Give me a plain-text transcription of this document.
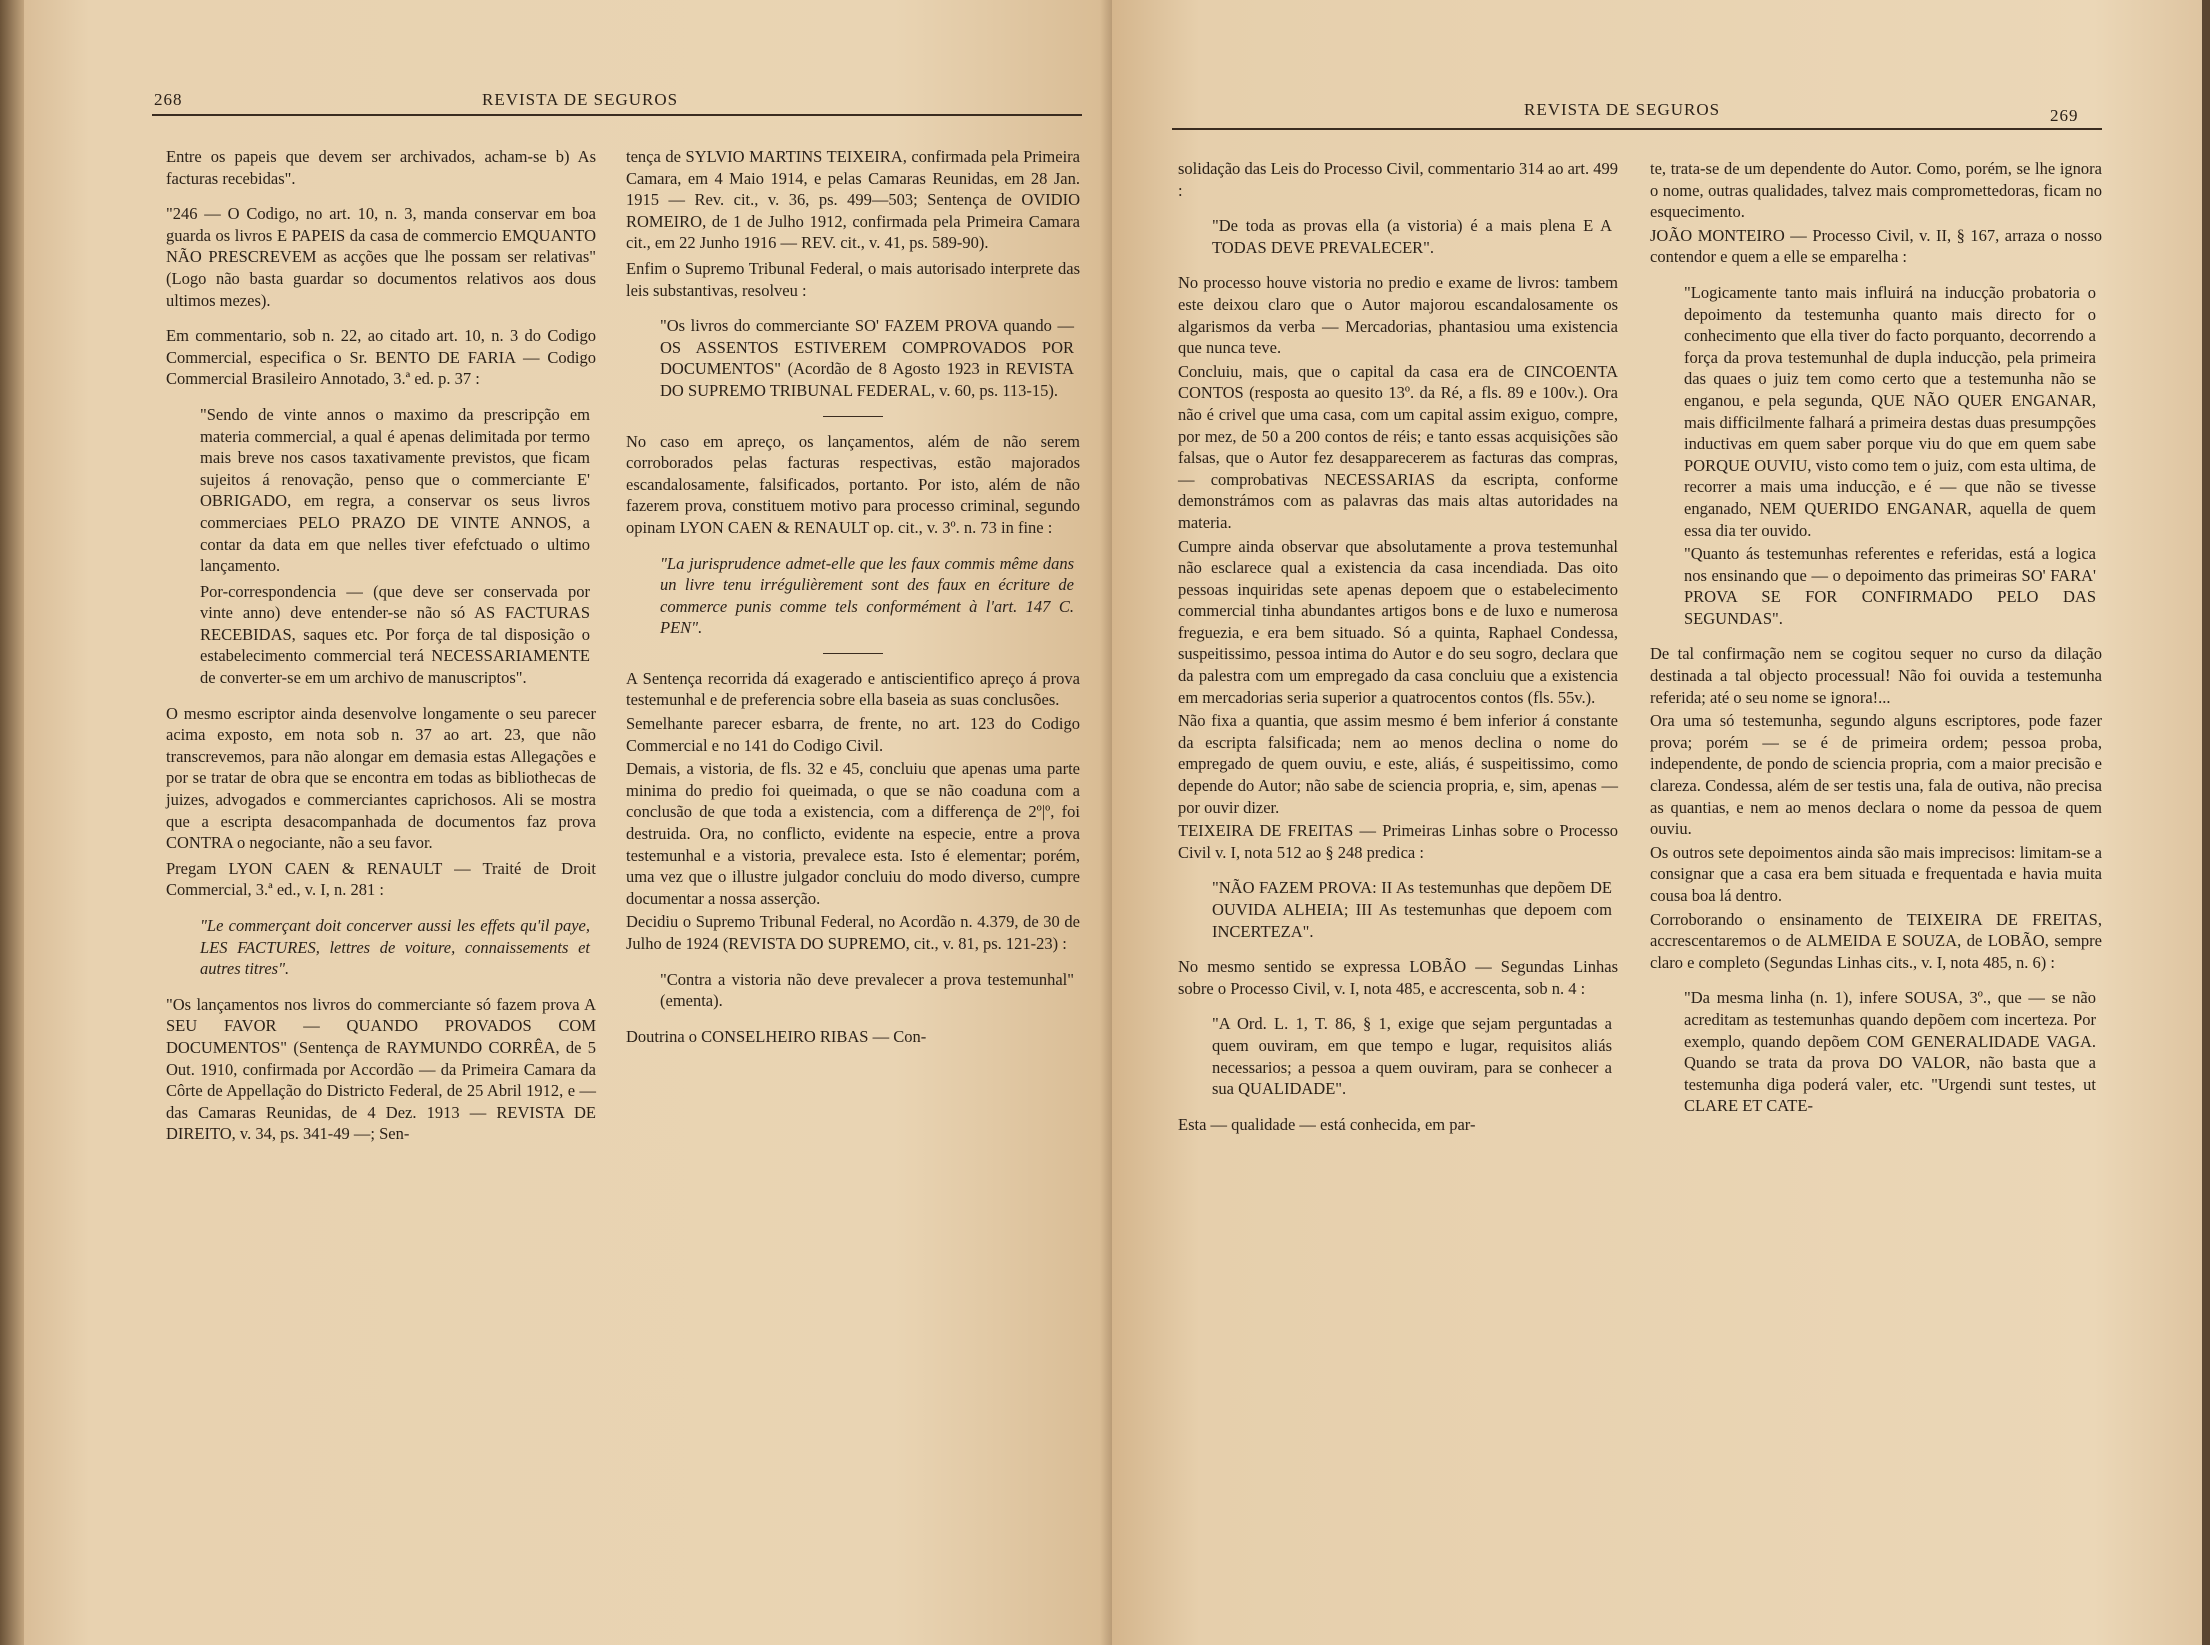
268	REVISTA DE SEGUROS

Entre os papeis que devem ser archivados, acham-se b) As facturas recebidas".

"246 — O Codigo, no art. 10, n. 3, manda conservar em boa guarda os livros E PAPEIS da casa de commercio EMQUANTO NÃO PRESCREVEM as acções que lhe possam ser relativas" (Logo não basta guardar so documentos relativos aos dous ultimos mezes).

Em commentario, sob n. 22, ao citado art. 10, n. 3 do Codigo Commercial, especifica o Sr. BENTO DE FARIA — Codigo Commercial Brasileiro Annotado, 3.ª ed. p. 37 :

"Sendo de vinte annos o maximo da prescripção em materia commercial, a qual é apenas delimitada por termo mais breve nos casos taxativamente previstos, que ficam sujeitos á renovação, penso que o commerciante E' OBRIGADO, em regra, a conservar os seus livros commerciaes PELO PRAZO DE VINTE ANNOS, a contar da data em que nelles tiver efefctuado o ultimo lançamento.

Por-correspondencia — (que deve ser conservada por vinte anno) deve entender-se não só AS FACTURAS RECEBIDAS, saques etc. Por força de tal disposição o estabelecimento commercial terá NECESSARIAMENTE de converter-se em um archivo de manuscriptos".

O mesmo escriptor ainda desenvolve longamente o seu parecer acima exposto, em nota sob n. 37 ao art. 23, que não transcrevemos, para não alongar em demasia estas Allegações e por se tratar de obra que se encontra em todas as bibliothecas de juizes, advogados e commerciantes caprichosos. Ali se mostra que a escripta desacompanhada de documentos faz prova CONTRA o negociante, não a seu favor.

Pregam LYON CAEN & RENAULT — Traité de Droit Commercial, 3.ª ed., v. I, n. 281 :

"Le commerçant doit concerver aussi les effets qu'il paye, LES FACTURES, lettres de voiture, connaissements et autres titres".

"Os lançamentos nos livros do commerciante só fazem prova A SEU FAVOR — QUANDO PROVADOS COM DOCUMENTOS" (Sentença de RAYMUNDO CORRÊA, de 5 Out. 1910, confirmada por Accordão — da Primeira Camara da Côrte de Appellação do Districto Federal, de 25 Abril 1912, e — das Camaras Reunidas, de 4 Dez. 1913 — REVISTA DE DIREITO, v. 34, ps. 341-49 —; Sen-

tença de SYLVIO MARTINS TEIXEIRA, confirmada pela Primeira Camara, em 4 Maio 1914, e pelas Camaras Reunidas, em 28 Jan. 1915 — Rev. cit., v. 36, ps. 499—503; Sentença de OVIDIO ROMEIRO, de 1 de Julho 1912, confirmada pela Primeira Camara cit., em 22 Junho 1916 — REV. cit., v. 41, ps. 589-90).

Enfim o Supremo Tribunal Federal, o mais autorisado interprete das leis substantivas, resolveu :

"Os livros do commerciante SO' FAZEM PROVA quando — OS ASSENTOS ESTIVEREM COMPROVADOS POR DOCUMENTOS" (Acordão de 8 Agosto 1923 in REVISTA DO SUPREMO TRIBUNAL FEDERAL, v. 60, ps. 113-15).

No caso em apreço, os lançamentos, além de não serem corroborados pelas facturas respectivas, estão majorados escandalosamente, falsificados, portanto. Por isto, além de não fazerem prova, constituem motivo para processo criminal, segundo opinam LYON CAEN & RENAULT op. cit., v. 3º. n. 73 in fine :

"La jurisprudence admet-elle que les faux commis même dans un livre tenu irrégulièrement sont des faux en écriture de commerce punis comme tels conformément à l'art. 147 C. PEN".

A Sentença recorrida dá exagerado e antiscientifico apreço á prova testemunhal e de preferencia sobre ella baseia as suas conclusões.

Semelhante parecer esbarra, de frente, no art. 123 do Codigo Commercial e no 141 do Codigo Civil.

Demais, a vistoria, de fls. 32 e 45, concluiu que apenas uma parte minima do predio foi queimada, o que se não coaduna com a conclusão de que toda a existencia, com a differença de 2º|º, foi destruida. Ora, no conflicto, evidente na especie, entre a prova testemunhal e a vistoria, prevalece esta. Isto é elementar; porém, uma vez que o illustre julgador concluiu do modo diverso, cumpre documentar a nossa asserção.

Decidiu o Supremo Tribunal Federal, no Acordão n. 4.379, de 30 de Julho de 1924 (REVISTA DO SUPREMO, cit., v. 81, ps. 121-23) :

"Contra a vistoria não deve prevalecer a prova testemunhal" (ementa).

Doutrina o CONSELHEIRO RIBAS — Con-

REVISTA DE SEGUROS	269

solidação das Leis do Processo Civil, commentario 314 ao art. 499 :

"De toda as provas ella (a vistoria) é a mais plena E A TODAS DEVE PREVALECER".

No processo houve vistoria no predio e exame de livros: tambem este deixou claro que o Autor majorou escandalosamente os algarismos da verba — Mercadorias, phantasiou uma existencia que nunca teve.

Concluiu, mais, que o capital da casa era de CINCOENTA CONTOS (resposta ao quesito 13º. da Ré, a fls. 89 e 100v.). Ora não é crivel que uma casa, com um capital assim exiguo, compre, por mez, de 50 a 200 contos de réis; e tanto essas acquisições são falsas, que o Autor fez desapparecerem as facturas das compras, — comprobativas NECESSARIAS da escripta, conforme demonstrámos com as palavras das mais altas autoridades na materia.

Cumpre ainda observar que absolutamente a prova testemunhal não esclarece qual a existencia da casa incendiada. Das oito pessoas inquiridas sete apenas depoem que o estabelecimento commercial tinha abundantes artigos bons e de luxo e numerosa freguezia, e era bem situado. Só a quinta, Raphael Condessa, suspeitissimo, pessoa intima do Autor e do seu sogro, declara que da palestra com um empregado da casa concluiu que a existencia em mercadorias seria superior a quatrocentos contos (fls. 55v.).

Não fixa a quantia, que assim mesmo é bem inferior á constante da escripta falsificada; nem ao menos declina o nome do empregado de quem ouviu, e este, aliás, é suspeitissimo, como depende do Autor; não sabe de sciencia propria, e, sim, apenas — por ouvir dizer.

TEIXEIRA DE FREITAS — Primeiras Linhas sobre o Processo Civil v. I, nota 512 ao § 248 predica :

"NÃO FAZEM PROVA: II As testemunhas que depõem DE OUVIDA ALHEIA; III As testemunhas que depoem com INCERTEZA".

No mesmo sentido se expressa LOBÃO — Segundas Linhas sobre o Processo Civil, v. I, nota 485, e accrescenta, sob n. 4 :

"A Ord. L. 1, T. 86, § 1, exige que sejam perguntadas a quem ouviram, em que tempo e lugar, requisitos aliás necessarios; a pessoa a quem ouviram, para se conhecer a sua QUALIDADE".

Esta — qualidade — está conhecida, em par-

te, trata-se de um dependente do Autor. Como, porém, se lhe ignora o nome, outras qualidades, talvez mais compromettedoras, ficam no esquecimento.

JOÃO MONTEIRO — Processo Civil, v. II, § 167, arraza o nosso contendor e quem a elle se emparelha :

"Logicamente tanto mais influirá na inducção probatoria o depoimento da testemunha quanto mais directo for o conhecimento que ella tiver do facto porquanto, decorrendo a força da prova testemunhal de dupla inducção, pela primeira das quaes o juiz tem como certo que a testemunha não se enganou, e pela segunda, QUE NÃO QUER ENGANAR, mais difficilmente falhará a primeira destas duas presumpções inductivas em quem saber porque viu do que em quem sabe PORQUE OUVIU, visto como tem o juiz, com esta ultima, de recorrer a mais uma inducção, e é — que não se tivesse enganado, NEM QUERIDO ENGANAR, aquella de quem essa dia ter ouvido.

"Quanto ás testemunhas referentes e referidas, está a logica nos ensinando que — o depoimento das primeiras SO' FARA' PROVA SE FOR CONFIRMADO PELO DAS SEGUNDAS".

De tal confirmação nem se cogitou sequer no curso da dilação destinada a tal objecto processual! Não foi ouvida a testemunha referida; até o seu nome se ignora!...

Ora uma só testemunha, segundo alguns escriptores, pode fazer prova; porém — se é de primeira ordem; pessoa proba, independente, de pondo de sciencia propria, com a maior precisão e clareza. Condessa, além de ser testis una, fala de outiva, não precisa as quantias, e nem ao menos declara o nome da pessoa de quem ouviu.

Os outros sete depoimentos ainda são mais imprecisos: limitam-se a consignar que a casa era bem situada e frequentada e havia muita cousa boa lá dentro.

Corroborando o ensinamento de TEIXEIRA DE FREITAS, accrescentaremos o de ALMEIDA E SOUZA, de LOBÃO, sempre claro e completo (Segundas Linhas cits., v. I, nota 485, n. 6) :

"Da mesma linha (n. 1), infere SOUSA, 3º., que — se não acreditam as testemunhas quando depõem com incerteza. Por exemplo, quando depõem COM GENERALIDADE VAGA. Quando se trata da prova DO VALOR, não basta que a testemunha diga poderá valer, etc. "Urgendi sunt testes, ut CLARE ET CATE-
